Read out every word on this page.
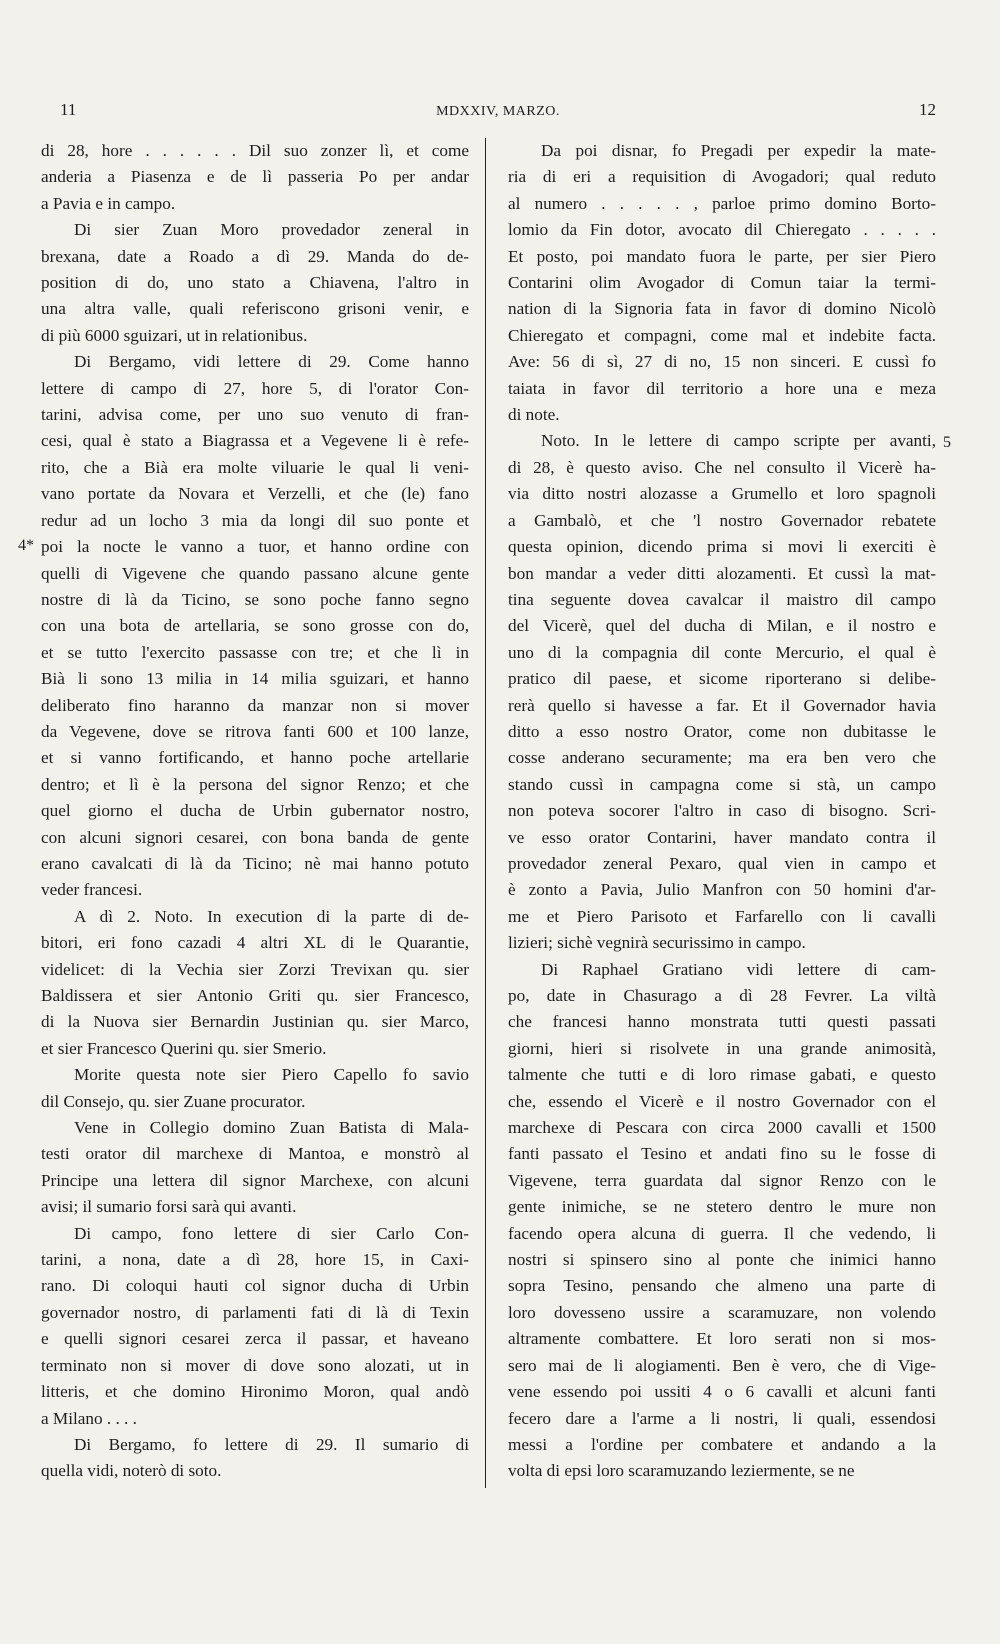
11	MDXXIV, MARZO.	12
4*
5
di 28, hore . . . . . . Dil suo zonzer lì, et come
anderia a Piasenza e de lì passeria Po per andar
a Pavia e in campo.
Di sier Zuan Moro provedador zeneral in
brexana, date a Roado a dì 29. Manda do de-
position di do, uno stato a Chiavena, l'altro in
una altra valle, quali referiscono grisoni venir, e
di più 6000 sguizari, ut in relationibus.
Di Bergamo, vidi lettere di 29. Come hanno
lettere di campo di 27, hore 5, di l'orator Con-
tarini, advisa come, per uno suo venuto di fran-
cesi, qual è stato a Biagrassa et a Vegevene li è refe-
rito, che a Bià era molte viluarie le qual li veni-
vano portate da Novara et Verzelli, et che (le) fano
redur ad un locho 3 mia da longi dil suo ponte et
poi la nocte le vanno a tuor, et hanno ordine con
quelli di Vigevene che quando passano alcune gente
nostre di là da Ticino, se sono poche fanno segno
con una bota de artellaria, se sono grosse con do,
et se tutto l'exercito passasse con tre; et che lì in
Bià li sono 13 milia in 14 milia sguizari, et hanno
deliberato fino haranno da manzar non si mover
da Vegevene, dove se ritrova fanti 600 et 100 lanze,
et si vanno fortificando, et hanno poche artellarie
dentro; et lì è la persona del signor Renzo; et che
quel giorno el ducha de Urbin gubernator nostro,
con alcuni signori cesarei, con bona banda de gente
erano cavalcati di là da Ticino; nè mai hanno potuto
veder francesi.
A dì 2. Noto. In execution di la parte di de-
bitori, eri fono cazadi 4 altri XL di le Quarantie,
videlicet: di la Vechia sier Zorzi Trevixan qu. sier
Baldissera et sier Antonio Griti qu. sier Francesco,
di la Nuova sier Bernardin Justinian qu. sier Marco,
et sier Francesco Querini qu. sier Smerio.
Morite questa note sier Piero Capello fo savio
dil Consejo, qu. sier Zuane procurator.
Vene in Collegio domino Zuan Batista di Mala-
testi orator dil marchexe di Mantoa, e monstrò al
Principe una lettera dil signor Marchexe, con alcuni
avisi; il sumario forsi sarà qui avanti.
Di campo, fono lettere di sier Carlo Con-
tarini, a nona, date a dì 28, hore 15, in Caxi-
rano. Di coloqui hauti col signor ducha di Urbin
governador nostro, di parlamenti fati di là di Texin
e quelli signori cesarei zerca il passar, et haveano
terminato non si mover di dove sono alozati, ut in
litteris, et che domino Hironimo Moron, qual andò
a Milano . . . .
Di Bergamo, fo lettere di 29. Il sumario di
quella vidi, noterò di soto.
Da poi disnar, fo Pregadi per expedir la mate-
ria di eri a requisition di Avogadori; qual reduto
al numero . . . . . , parloe primo domino Borto-
lomio da Fin dotor, avocato dil Chieregato . . . . .
Et posto, poi mandato fuora le parte, per sier Piero
Contarini olim Avogador di Comun taiar la termi-
nation di la Signoria fata in favor di domino Nicolò
Chieregato et compagni, come mal et indebite facta.
Ave: 56 di sì, 27 di no, 15 non sinceri. E cussì fo
taiata in favor dil territorio a hore una e meza
di note.
Noto. In le lettere di campo scripte per avanti,
di 28, è questo aviso. Che nel consulto il Vicerè ha-
via ditto nostri alozasse a Grumello et loro spagnoli
a Gambalò, et che 'l nostro Governador rebatete
questa opinion, dicendo prima si movi li exerciti è
bon mandar a veder ditti alozamenti. Et cussì la mat-
tina seguente dovea cavalcar il maistro dil campo
del Vicerè, quel del ducha di Milan, e il nostro e
uno di la compagnia dil conte Mercurio, el qual è
pratico dil paese, et sicome riporterano si delibe-
rerà quello si havesse a far. Et il Governador havia
ditto a esso nostro Orator, come non dubitasse le
cosse anderano securamente; ma era ben vero che
stando cussì in campagna come si stà, un campo
non poteva socorer l'altro in caso di bisogno. Scri-
ve esso orator Contarini, haver mandato contra il
provedador zeneral Pexaro, qual vien in campo et
è zonto a Pavia, Julio Manfron con 50 homini d'ar-
me et Piero Parisoto et Farfarello con li cavalli
lizieri; sichè vegnirà securissimo in campo.
Di Raphael Gratiano vidi lettere di cam-
po, date in Chasurago a dì 28 Fevrer. La viltà
che francesi hanno monstrata tutti questi passati
giorni, hieri si risolvete in una grande animosità,
talmente che tutti e di loro rimase gabati, e questo
che, essendo el Vicerè e il nostro Governador con el
marchexe di Pescara con circa 2000 cavalli et 1500
fanti passato el Tesino et andati fino su le fosse di
Vigevene, terra guardata dal signor Renzo con le
gente inimiche, se ne stetero dentro le mure non
facendo opera alcuna di guerra. Il che vedendo, li
nostri si spinsero sino al ponte che inimici hanno
sopra Tesino, pensando che almeno una parte di
loro dovesseno ussire a scaramuzare, non volendo
altramente combattere. Et loro serati non si mos-
sero mai de li alogiamenti. Ben è vero, che di Vige-
vene essendo poi ussiti 4 o 6 cavalli et alcuni fanti
fecero dare a l'arme a li nostri, li quali, essendosi
messi a l'ordine per combatere et andando a la
volta di epsi loro scaramuzando leziermente, se ne
